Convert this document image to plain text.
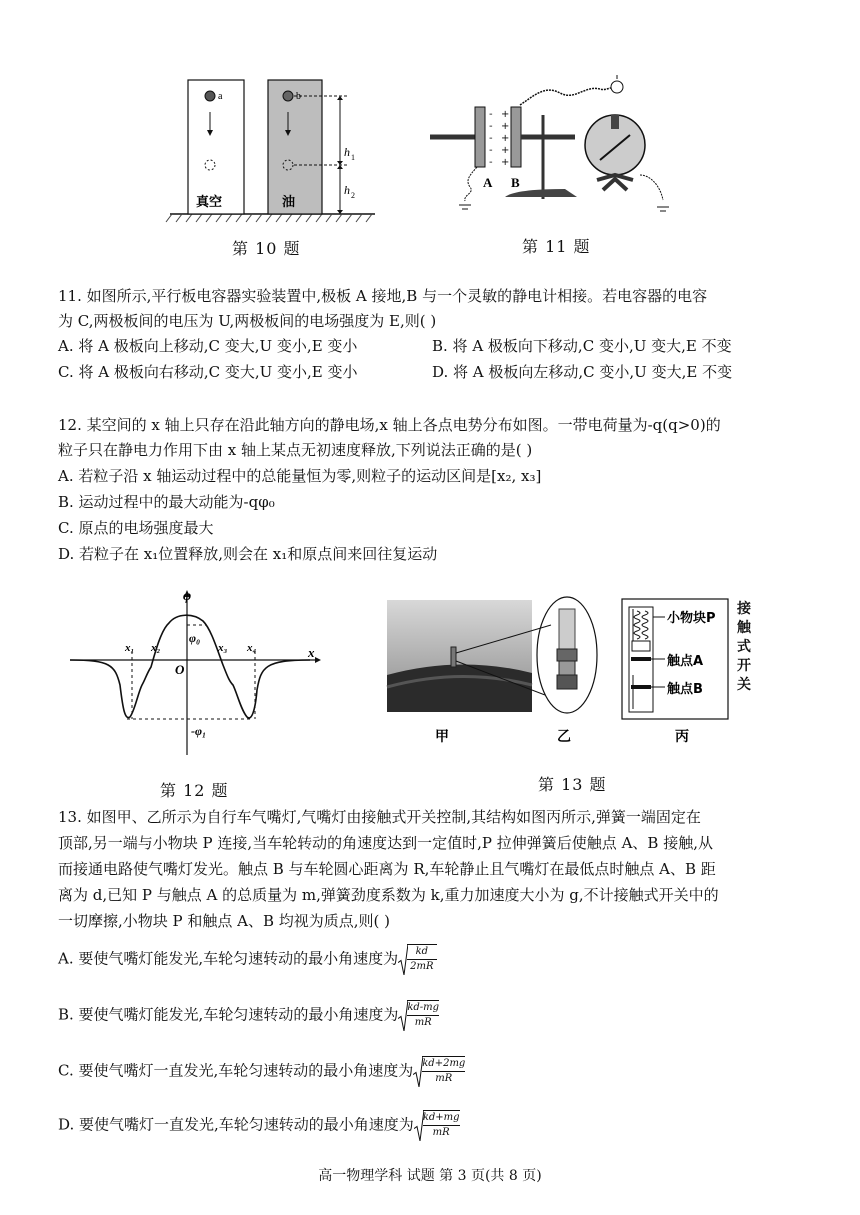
a	b
h 1
h 2
真空	油
第 10 题
-
-
-
-
-
+
+
+
+
+
A B
第 11 题
11. 如图所示,平行板电容器实验装置中,极板 A 接地,B 与一个灵敏的静电计相接。若电容器的电容
为 C,两极板间的电压为 U,两极板间的电场强度为 E,则( )
A. 将 A 极板向上移动,C 变大,U 变小,E 变小	B. 将 A 极板向下移动,C 变小,U 变大,E 不变
C. 将 A 极板向右移动,C 变大,U 变小,E 变小	D. 将 A 极板向左移动,C 变小,U 变大,E 不变
12. 某空间的 x 轴上只存在沿此轴方向的静电场,x 轴上各点电势分布如图。一带电荷量为-q(q>0)的
粒子只在静电力作用下由 x 轴上某点无初速度释放,下列说法正确的是( )
A. 若粒子沿 x 轴运动过程中的总能量恒为零,则粒子的运动区间是[x₂, x₃]
B. 运动过程中的最大动能为-qφ₀
C. 原点的电场强度最大
D. 若粒子在 x₁位置释放,则会在 x₁和原点间来回往复运动
φ
x
O
φ₀
-φ₁
x₁ x₂	x₃ x₄
第 12 题
小物块P
触点A
触点B
甲	乙	丙
接触式开关
第 13 题
13. 如图甲、乙所示为自行车气嘴灯,气嘴灯由接触式开关控制,其结构如图丙所示,弹簧一端固定在
顶部,另一端与小物块 P 连接,当车轮转动的角速度达到一定值时,P 拉伸弹簧后使触点 A、B 接触,从
而接通电路使气嘴灯发光。触点 B 与车轮圆心距离为 R,车轮静止且气嘴灯在最低点时触点 A、B 距
离为 d,已知 P 与触点 A 的总质量为 m,弹簧劲度系数为 k,重力加速度大小为 g,不计接触式开关中的
一切摩擦,小物块 P 和触点 A、B 均视为质点,则( )
A. 要使气嘴灯能发光,车轮匀速转动的最小角速度为 $\frac{kd}{2mR}$
B. 要使气嘴灯能发光,车轮匀速转动的最小角速度为 $\frac{kd-mg}{mR}$
C. 要使气嘴灯一直发光,车轮匀速转动的最小角速度为 $\frac{kd+2mg}{mR}$
D. 要使气嘴灯一直发光,车轮匀速转动的最小角速度为 $\frac{kd+mg}{mR}$
高一物理学科 试题 第 3 页(共 8 页)
